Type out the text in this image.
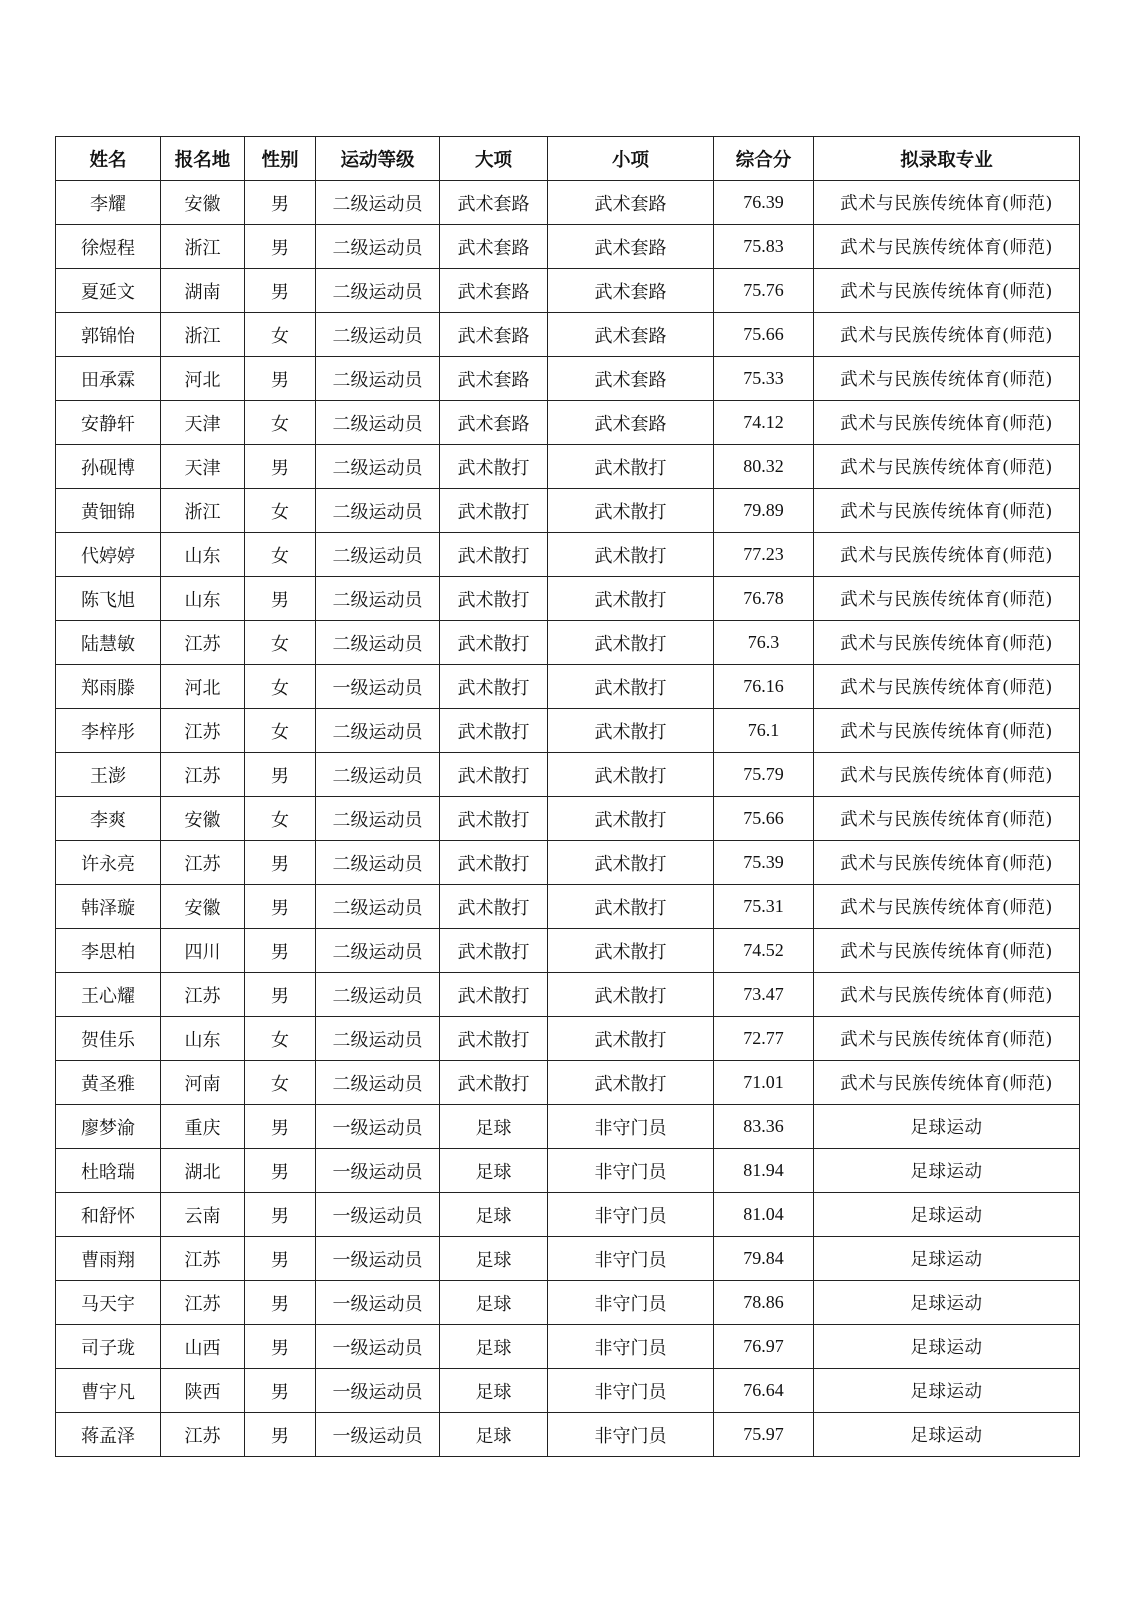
姓名	报名地	性别	运动等级	大项	小项	综合分	拟录取专业
李耀	安徽	男	二级运动员	武术套路	武术套路	76.39	武术与民族传统体育(师范)
徐煜程	浙江	男	二级运动员	武术套路	武术套路	75.83	武术与民族传统体育(师范)
夏延文	湖南	男	二级运动员	武术套路	武术套路	75.76	武术与民族传统体育(师范)
郭锦怡	浙江	女	二级运动员	武术套路	武术套路	75.66	武术与民族传统体育(师范)
田承霖	河北	男	二级运动员	武术套路	武术套路	75.33	武术与民族传统体育(师范)
安静轩	天津	女	二级运动员	武术套路	武术套路	74.12	武术与民族传统体育(师范)
孙砚博	天津	男	二级运动员	武术散打	武术散打	80.32	武术与民族传统体育(师范)
黄钿锦	浙江	女	二级运动员	武术散打	武术散打	79.89	武术与民族传统体育(师范)
代婷婷	山东	女	二级运动员	武术散打	武术散打	77.23	武术与民族传统体育(师范)
陈飞旭	山东	男	二级运动员	武术散打	武术散打	76.78	武术与民族传统体育(师范)
陆慧敏	江苏	女	二级运动员	武术散打	武术散打	76.3	武术与民族传统体育(师范)
郑雨滕	河北	女	一级运动员	武术散打	武术散打	76.16	武术与民族传统体育(师范)
李梓彤	江苏	女	二级运动员	武术散打	武术散打	76.1	武术与民族传统体育(师范)
王澎	江苏	男	二级运动员	武术散打	武术散打	75.79	武术与民族传统体育(师范)
李爽	安徽	女	二级运动员	武术散打	武术散打	75.66	武术与民族传统体育(师范)
许永亮	江苏	男	二级运动员	武术散打	武术散打	75.39	武术与民族传统体育(师范)
韩泽璇	安徽	男	二级运动员	武术散打	武术散打	75.31	武术与民族传统体育(师范)
李思柏	四川	男	二级运动员	武术散打	武术散打	74.52	武术与民族传统体育(师范)
王心耀	江苏	男	二级运动员	武术散打	武术散打	73.47	武术与民族传统体育(师范)
贺佳乐	山东	女	二级运动员	武术散打	武术散打	72.77	武术与民族传统体育(师范)
黄圣雅	河南	女	二级运动员	武术散打	武术散打	71.01	武术与民族传统体育(师范)
廖梦渝	重庆	男	一级运动员	足球	非守门员	83.36	足球运动
杜晗瑞	湖北	男	一级运动员	足球	非守门员	81.94	足球运动
和舒怀	云南	男	一级运动员	足球	非守门员	81.04	足球运动
曹雨翔	江苏	男	一级运动员	足球	非守门员	79.84	足球运动
马天宇	江苏	男	一级运动员	足球	非守门员	78.86	足球运动
司子珑	山西	男	一级运动员	足球	非守门员	76.97	足球运动
曹宇凡	陕西	男	一级运动员	足球	非守门员	76.64	足球运动
蒋孟泽	江苏	男	一级运动员	足球	非守门员	75.97	足球运动
